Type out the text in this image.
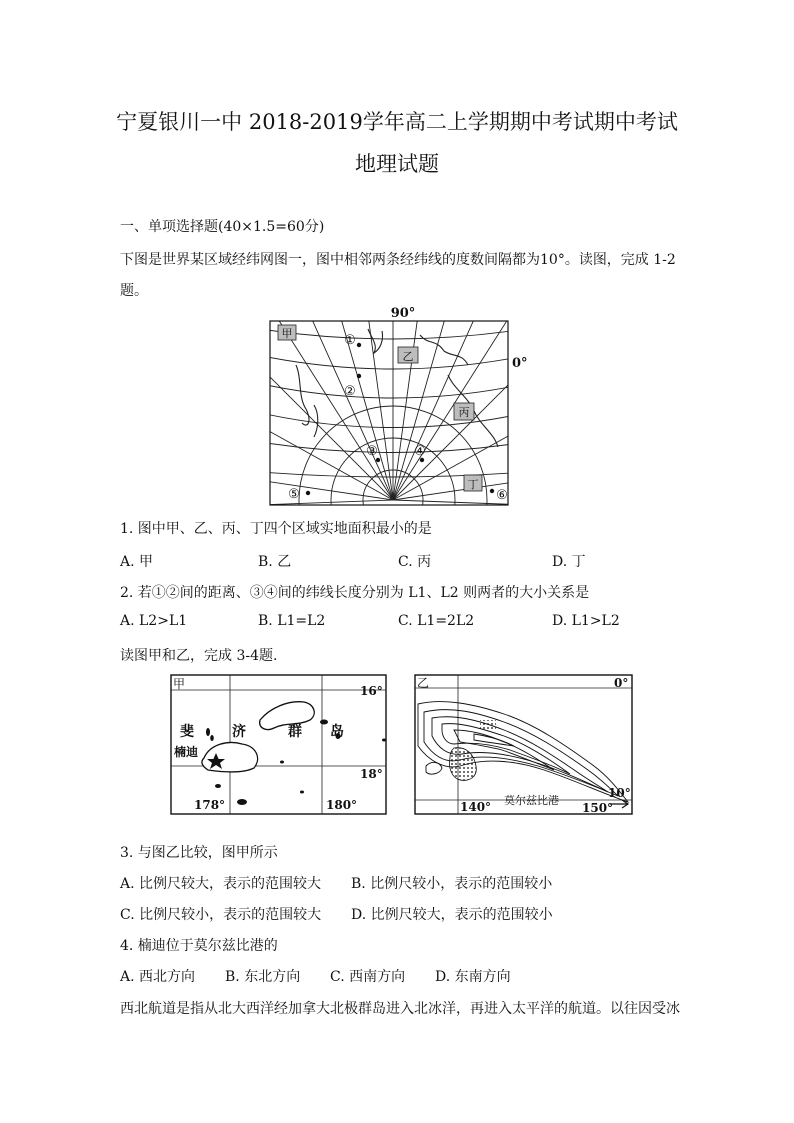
宁夏银川一中 2018-2019学年高二上学期期中考试期中考试
地理试题
一、单项选择题(40×1.5=60分)
下图是世界某区域经纬网图一，图中相邻两条经纬线的度数间隔都为10°。读图，完成 1-2
题。
90°
0°
甲
乙
丙
丁
①
②
③	④
⑤	⑥
1. 图中甲、乙、丙、丁四个区域实地面积最小的是
A. 甲	B. 乙	C. 丙	D. 丁
2. 若①②间的距离、③④间的纬线长度分别为 L1、L2 则两者的大小关系是
A. L2>L1	B. L1=L2	C. L1=2L2	D. L1>L2
读图甲和乙，完成 3-4题.
甲	16°
18°
178°	180°
斐	济	群 岛
楠迪
乙	0°
10°
140°	150°
莫尔兹比港
3. 与图乙比较，图甲所示
A. 比例尺较大，表示的范围较大 B. 比例尺较小，表示的范围较小
C. 比例尺较小，表示的范围较大 D. 比例尺较大，表示的范围较小
4. 楠迪位于莫尔兹比港的
A. 西北方向 B. 东北方向 C. 西南方向 D. 东南方向
西北航道是指从北大西洋经加拿大北极群岛进入北冰洋，再进入太平洋的航道。以往因受冰
